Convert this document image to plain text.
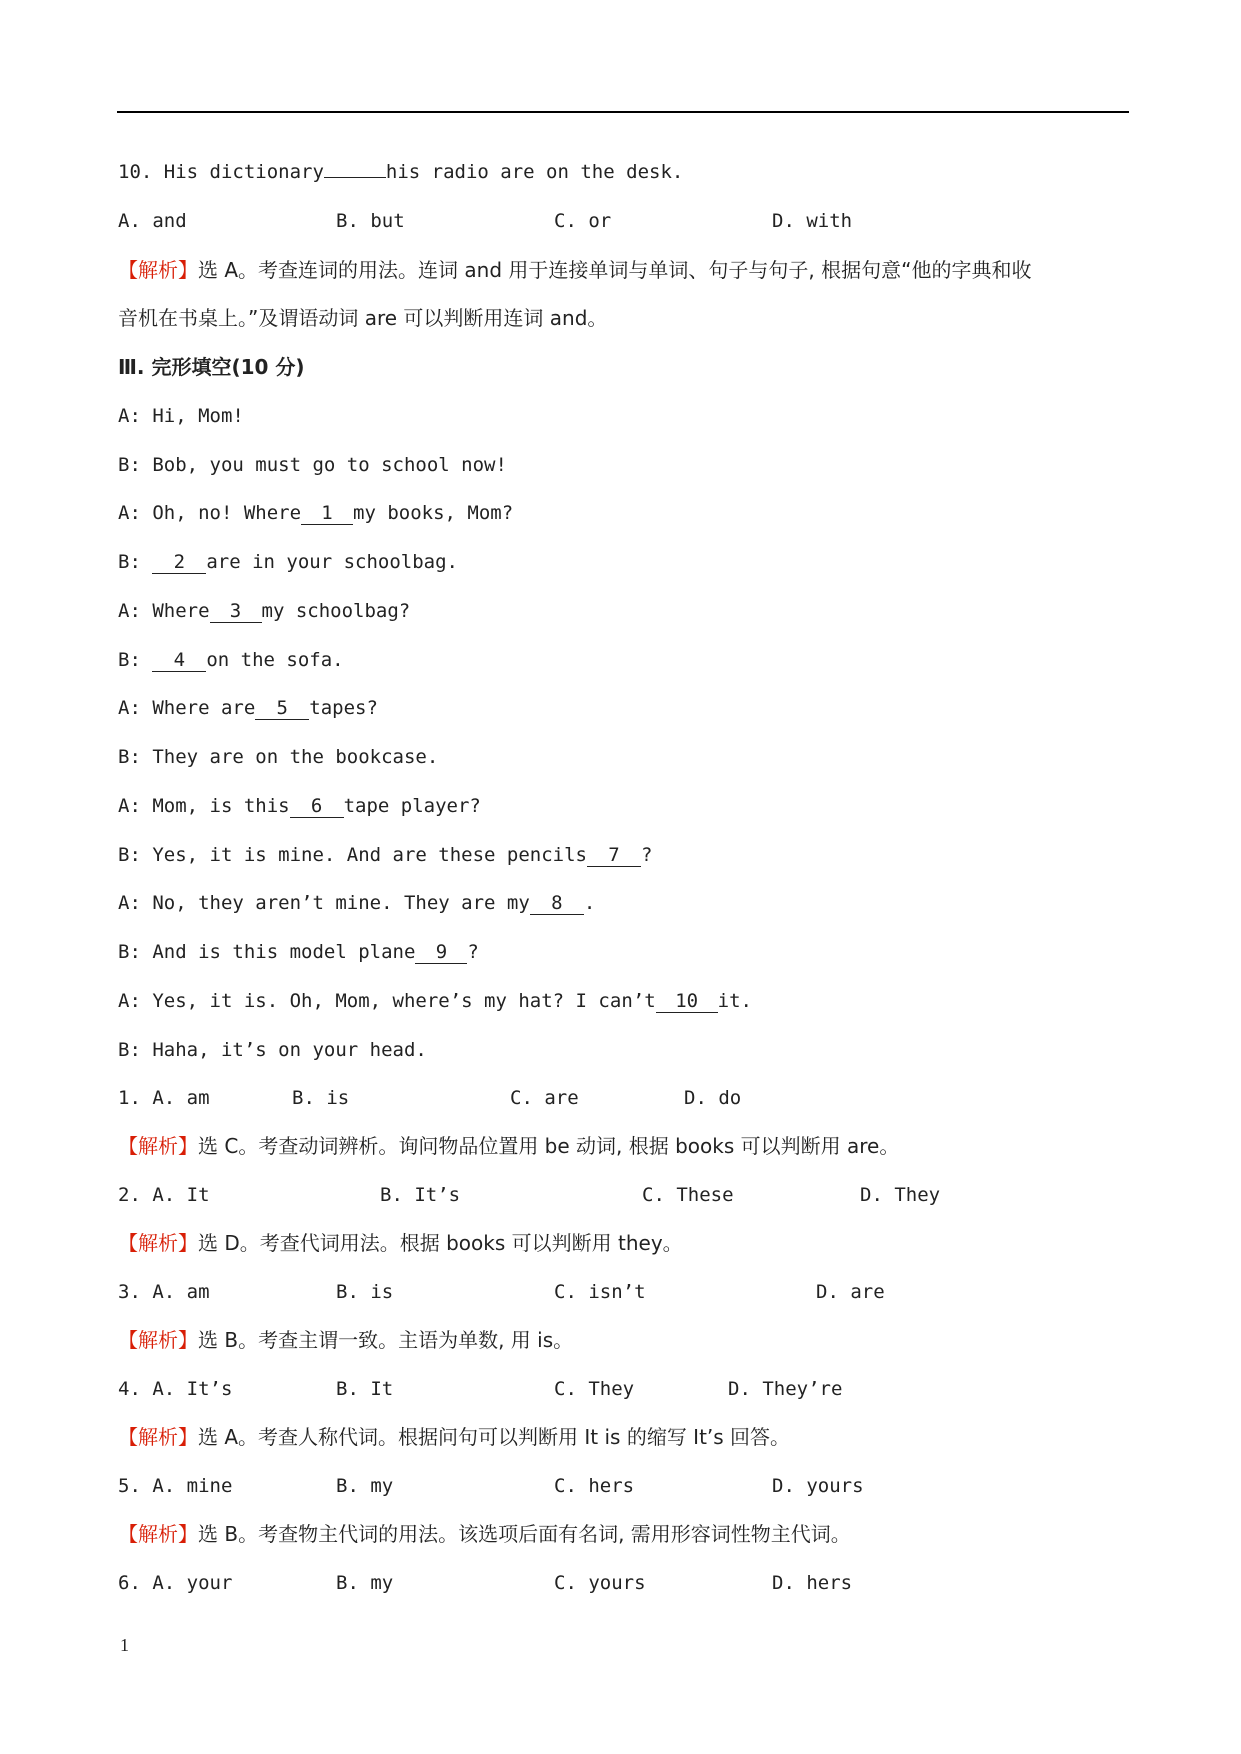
10. His dictionary	his radio are on the desk.
A. and	B. but	C. or	D. with
【解析】选 A。考查连词的用法。连词 and 用于连接单词与单词、句子与句子, 根据句意“他的字典和收
音机在书桌上。”及谓语动词 are 可以判断用连词 and。
Ⅲ. 完形填空(10 分)
A: Hi, Mom!
B: Bob, you must go to school now!
A: Oh, no! Where 1 my books, Mom?
B: 2 are in your schoolbag.
A: Where 3 my schoolbag?
B: 4 on the sofa.
A: Where are 5 tapes?
B: They are on the bookcase.
A: Mom, is this 6 tape player?
B: Yes, it is mine. And are these pencils 7 ?
A: No, they aren’t mine. They are my 8 .
B: And is this model plane 9 ?
A: Yes, it is. Oh, Mom, where’s my hat? I can’t 10 it.
B: Haha, it’s on your head.
1. A. am	B. is	C. are	D. do
【解析】选 C。考查动词辨析。询问物品位置用 be 动词, 根据 books 可以判断用 are。
2. A. It	B. It’s	C. These	D. They
【解析】选 D。考查代词用法。根据 books 可以判断用 they。
3. A. am	B. is	C. isn’t	D. are
【解析】选 B。考查主谓一致。主语为单数, 用 is。
4. A. It’s	B. It	C. They	D. They’re
【解析】选 A。考查人称代词。根据问句可以判断用 It is 的缩写 It’s 回答。
5. A. mine	B. my	C. hers	D. yours
【解析】选 B。考查物主代词的用法。该选项后面有名词, 需用形容词性物主代词。
6. A. your	B. my	C. yours	D. hers
1
